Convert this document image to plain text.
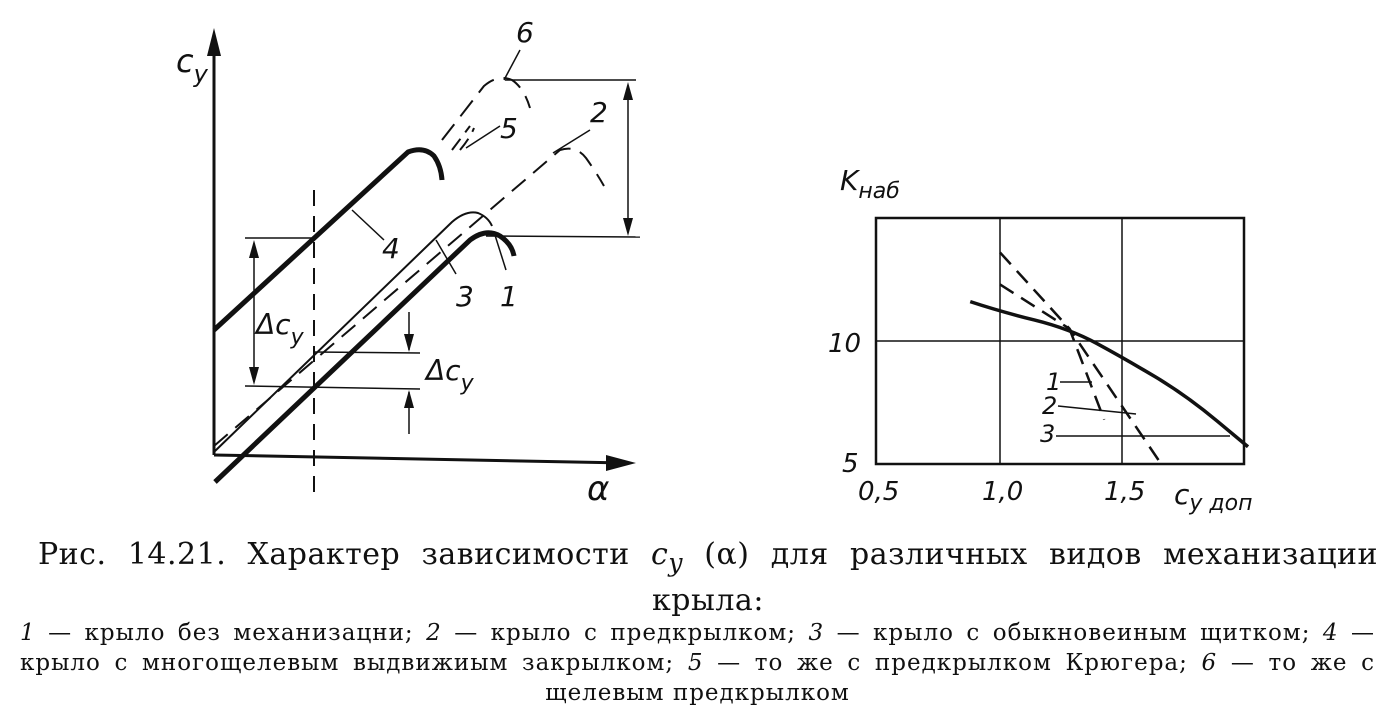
$c_y$
α
$\Delta c_y$
$\Delta c_y$
1
2
3
4
5
6
$K_{наб}$
$c_{y доп}$
0,5	1,0	1,5
10
5
1
2
3
Рис. 14.21. Характер зависимости $c_y$ (α) для различных видов механизации крыла:
1 — крыло без механизацни; 2 — крыло с предкрылком; 3 — крыло с обыкновеиным щитком; 4 — крыло с многощелевым выдвижиым закрылком; 5 — то же с предкрылком Крюгера; 6 — то же с щелевым предкрылком
